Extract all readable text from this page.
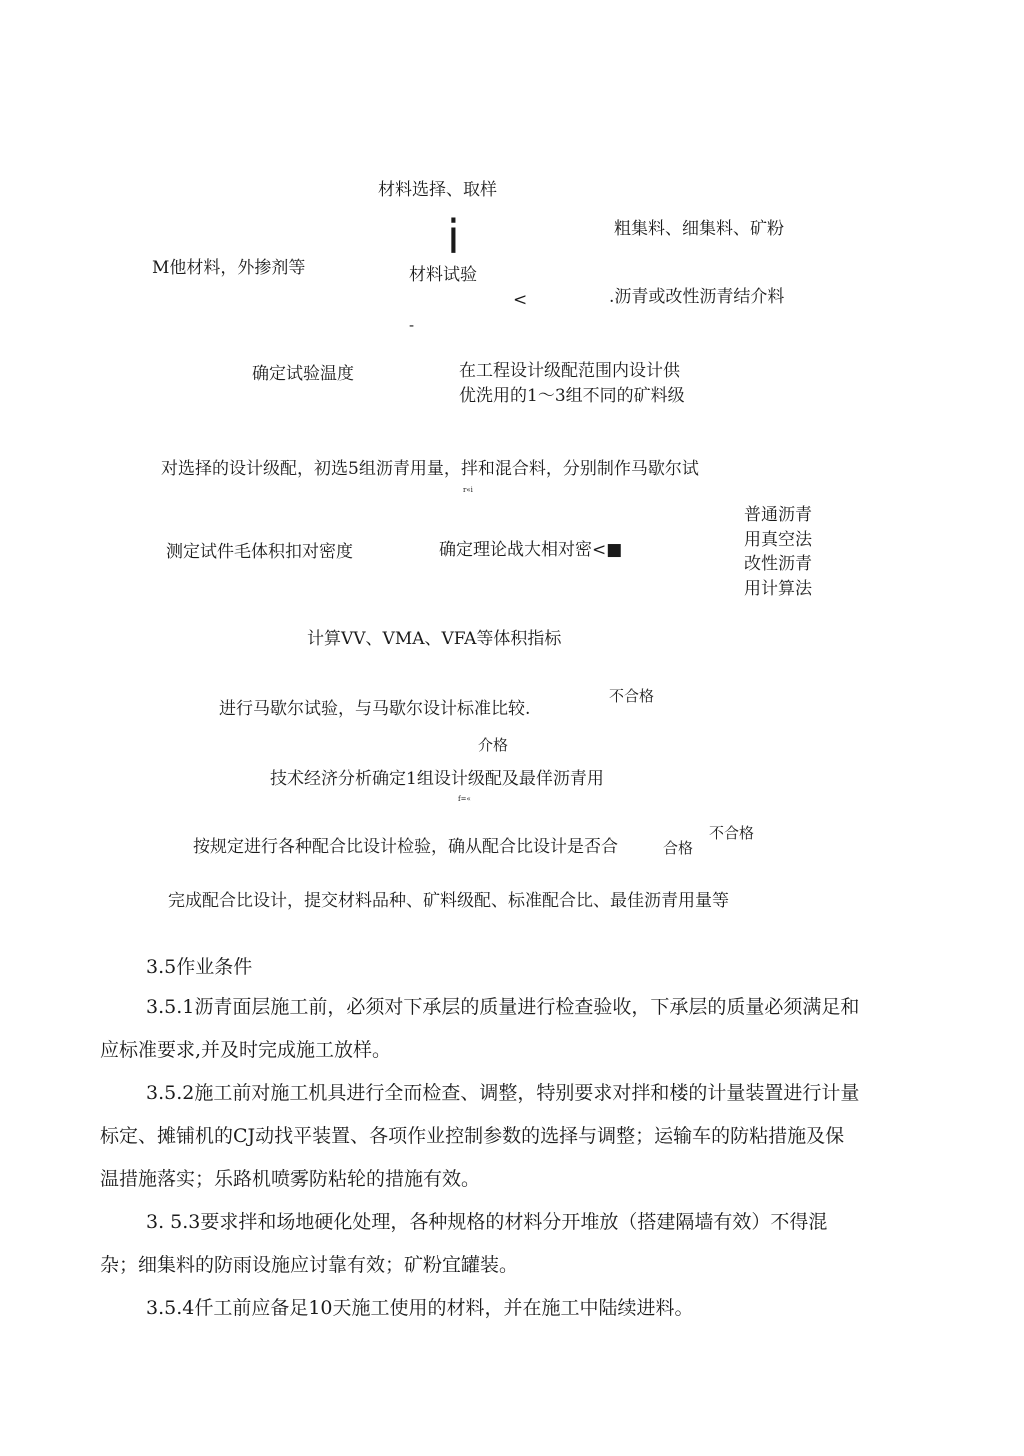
材料选择、取样
i	粗集料、细集料、矿粉
M他材料，外掺剂等	材料试验
<	.沥青或改性沥青结介料
-
确定试验温度	在工程设计级配范围内设计供
优洗用的1～3组不同的矿料级
对选择的设计级配，初选5组沥青用量，拌和混合料，分别制作马歇尔试
r«i
普通沥青
测定试件毛体积扣对密度	确定理论战大相对密<■	用真空法
改性沥青
用计算法
计算VV、VMA、VFA等体积指标
不合格
进行马歇尔试验，与马歇尔设计标准比较.
介格
技术经济分析确定1组设计级配及最佯沥青用
f=«
不合格
按规定进行各种配合比设计检验，确从配合比设计是否合	合格
完成配合比设计，提交材料品种、矿料级配、标准配合比、最佳沥青用量等
3.5作业条件
3.5.1沥青面层施工前，必须对下承层的质量进行检查验收，下承层的质量必须满足和应标准要求,并及时完成施工放样。
3.5.2施工前对施工机具进行全而检查、调整，特别要求对拌和楼的计量装置进行计量标定、摊铺机的CJ动找平装置、各项作业控制参数的选择与调整；运输车的防粘措施及保温措施落实；乐路机喷雾防粘轮的措施有效。
3. 5.3要求拌和场地硬化处理，各种规格的材料分开堆放（搭建隔墙有效）不得混杂；细集料的防雨设施应讨靠有效；矿粉宜罐装。
3.5.4仟工前应备足10天施工使用的材料，并在施工中陆续进料。
